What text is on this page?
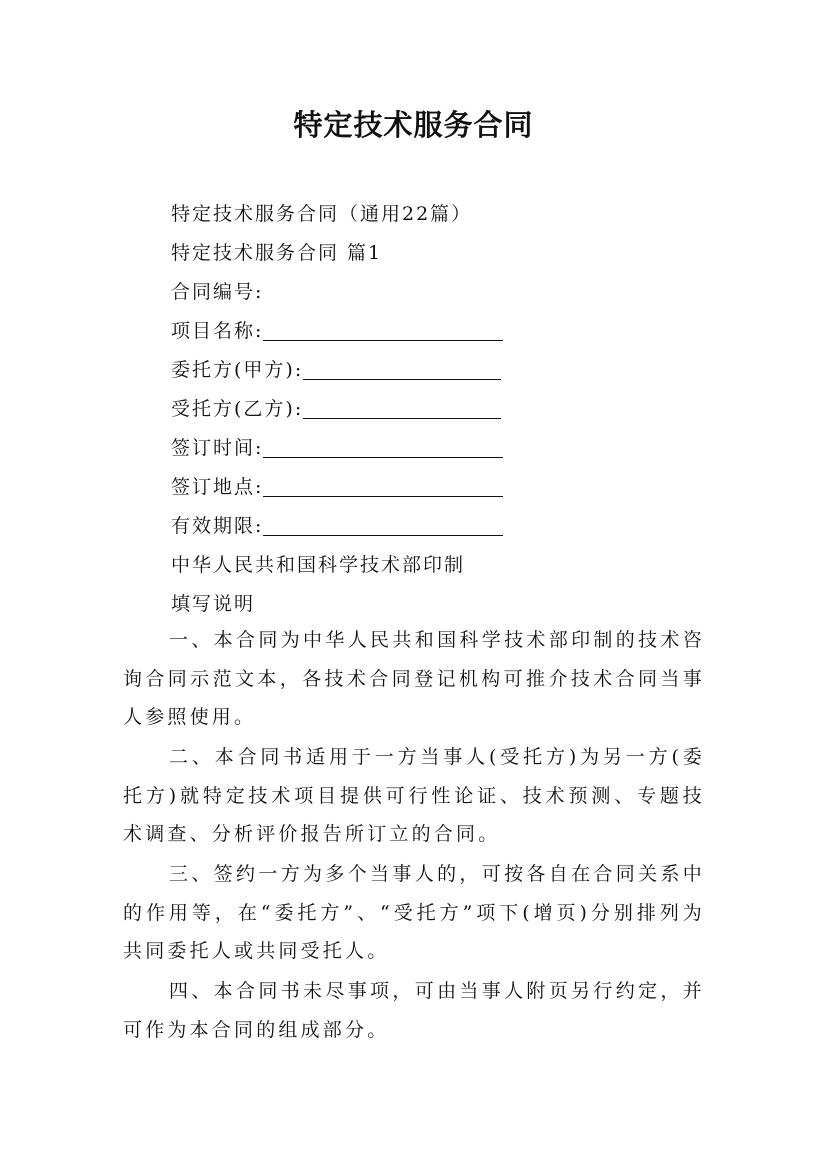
特定技术服务合同
特定技术服务合同（通用22篇）
特定技术服务合同 篇1
合同编号:
项目名称:
委托方(甲方):
受托方(乙方):
签订时间:
签订地点:
有效期限:
中华人民共和国科学技术部印制
填写说明
一、本合同为中华人民共和国科学技术部印制的技术咨询合同示范文本，各技术合同登记机构可推介技术合同当事人参照使用。
二、本合同书适用于一方当事人(受托方)为另一方(委托方)就特定技术项目提供可行性论证、技术预测、专题技术调查、分析评价报告所订立的合同。
三、签约一方为多个当事人的，可按各自在合同关系中的作用等，在“委托方”、“受托方”项下(增页)分别排列为共同委托人或共同受托人。
四、本合同书未尽事项，可由当事人附页另行约定，并可作为本合同的组成部分。
